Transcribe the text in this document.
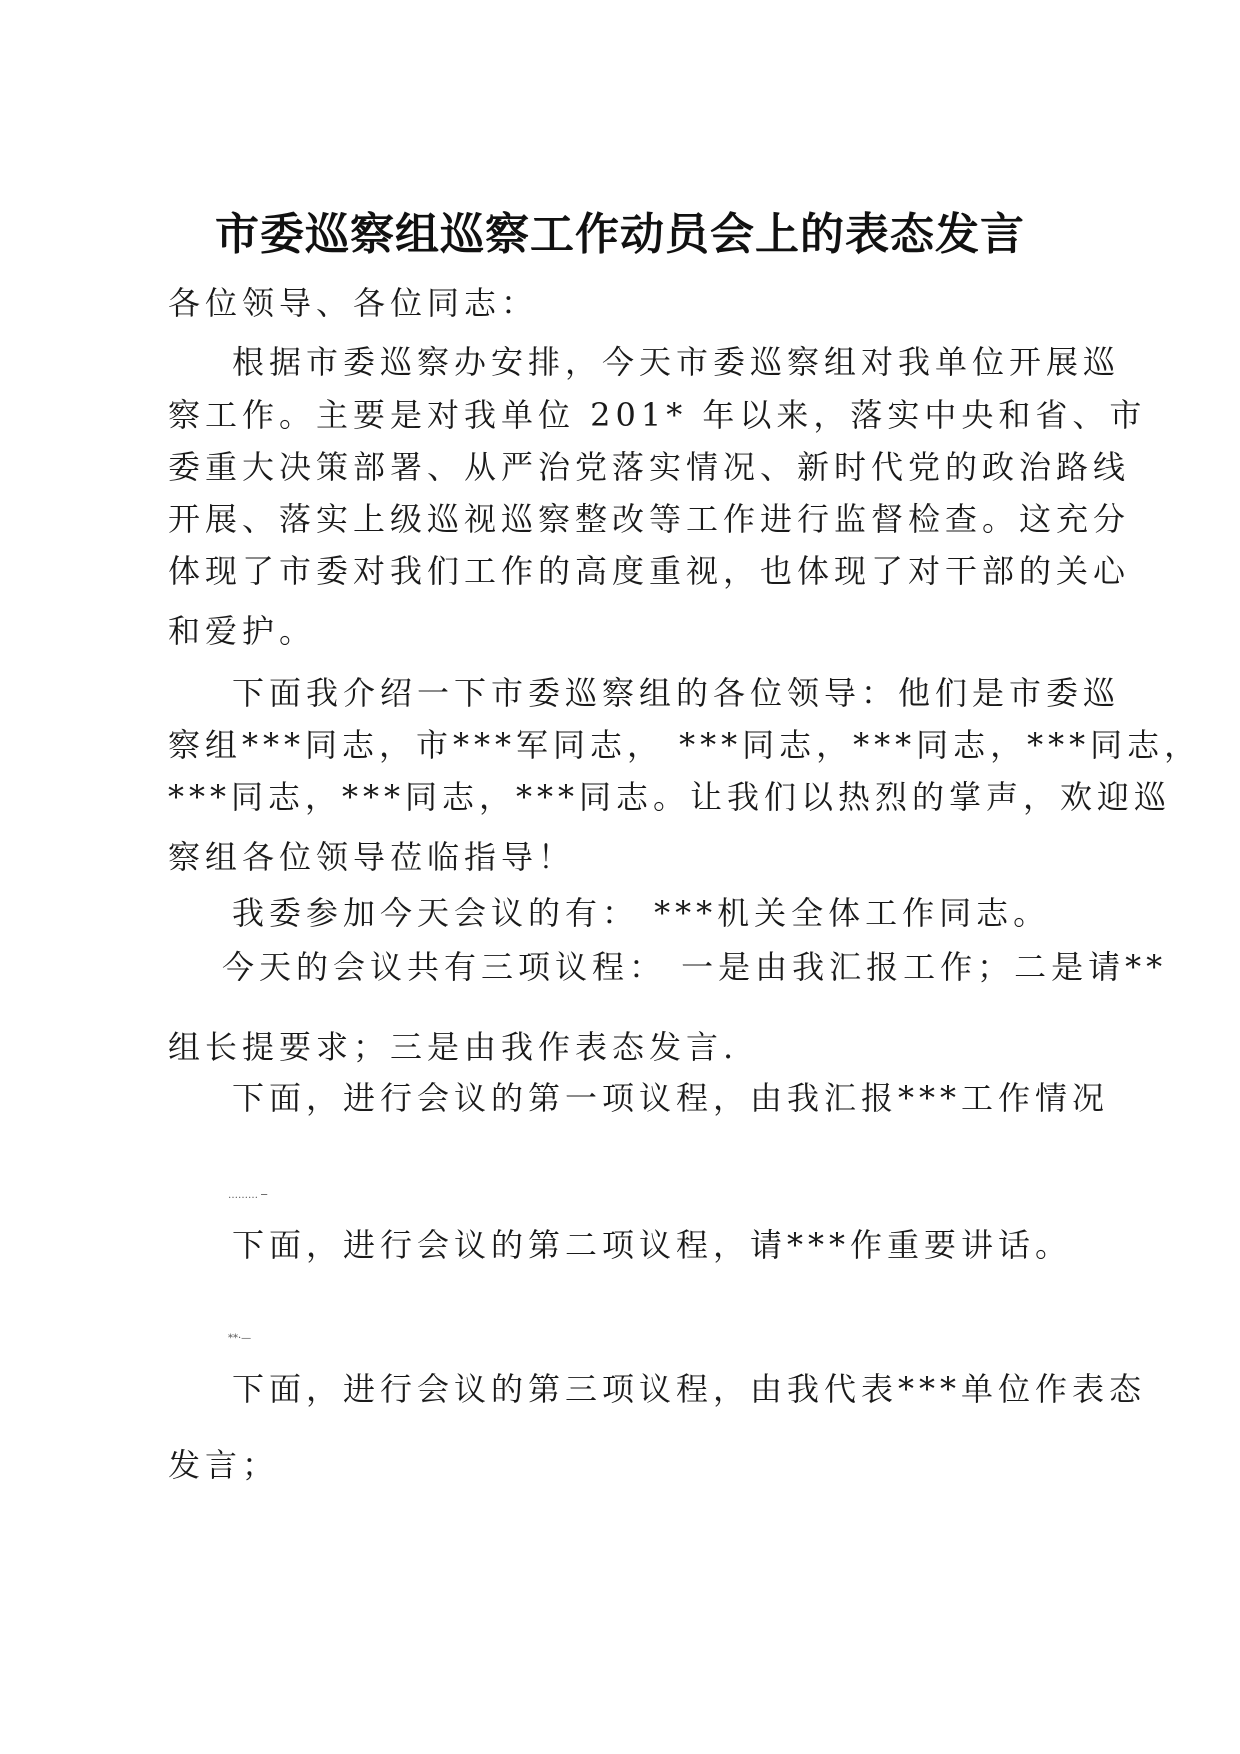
市委巡察组巡察工作动员会上的表态发言
各位领导、各位同志：
根据市委巡察办安排，今天市委巡察组对我单位开展巡
察工作。主要是对我单位 201* 年以来，落实中央和省、市
委重大决策部署、从严治党落实情况、新时代党的政治路线
开展、落实上级巡视巡察整改等工作进行监督检查。这充分
体现了市委对我们工作的高度重视，也体现了对干部的关心
和爱护。
下面我介绍一下市委巡察组的各位领导：他们是市委巡
察组***同志，市***军同志， ***同志，***同志，***同志，
***同志，***同志，***同志。让我们以热烈的掌声，欢迎巡
察组各位领导莅临指导！
我委参加今天会议的有： ***机关全体工作同志。
今天的会议共有三项议程： 一是由我汇报工作；二是请**
组长提要求；三是由我作表态发言.
下面，进行会议的第一项议程，由我汇报***工作情况
……… ─
下面，进行会议的第二项议程，请***作重要讲话。
**·—
下面，进行会议的第三项议程，由我代表***单位作表态
发言；
